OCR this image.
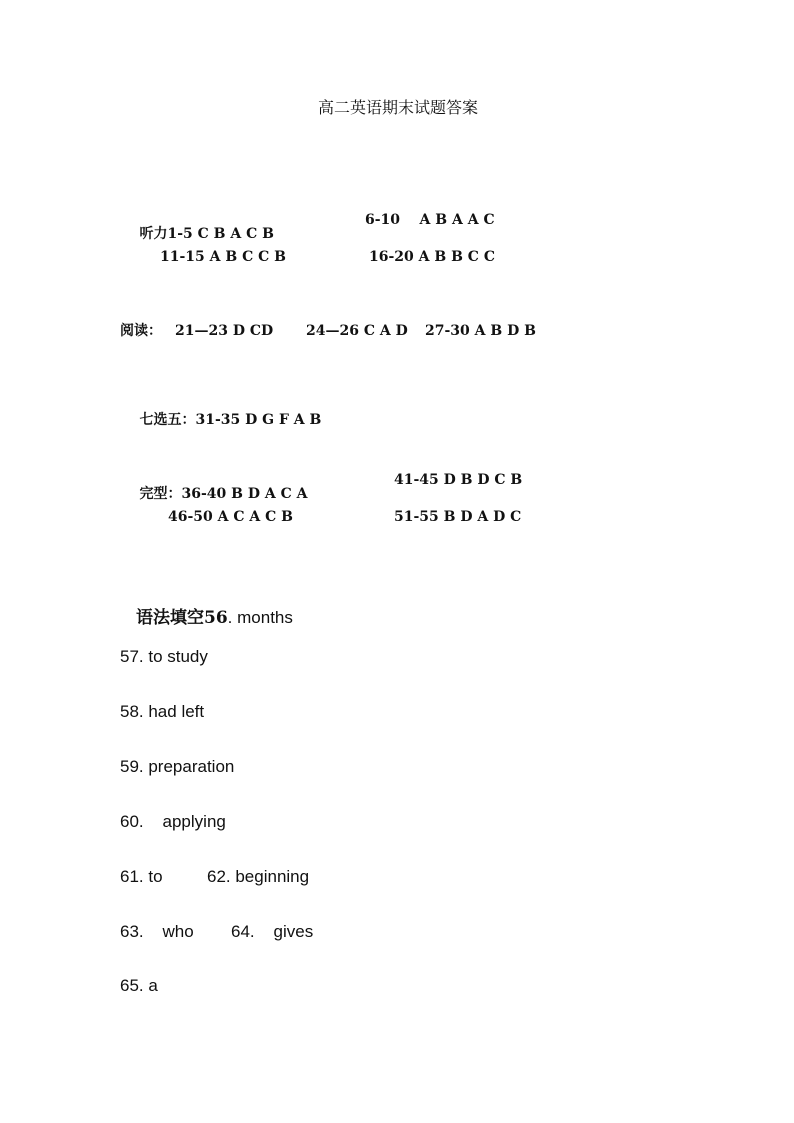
高二英语期末试题答案

听力1-5 C B A C B

6-10    A B A A C
11-15 A B C C B	16-20 A B B C C
阅读： 21—23 D CD 24—26 C A D 27-30 A B D B

七选五：31-35 D G F A B

完型：36-40 B D A C A

41-45 D B D C B
46-50 A C A C B	51-55 B D A D C

语法填空56. months

57. to study
58. had left
59. preparation
60.    applying
61. to	62. beginning
63.    who 64.    gives
65. a
